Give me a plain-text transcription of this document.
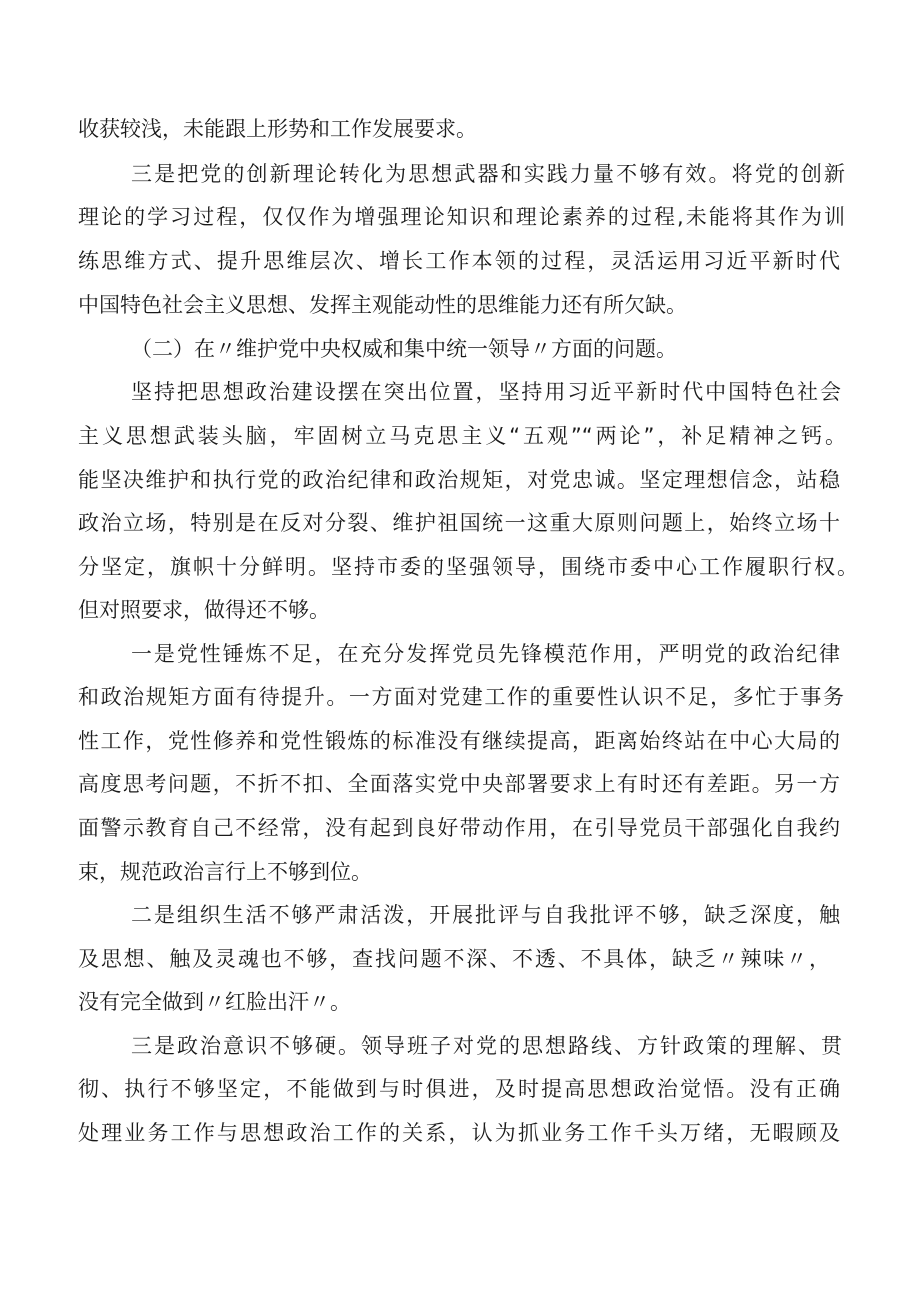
收获较浅，未能跟上形势和工作发展要求。
三是把党的创新理论转化为思想武器和实践力量不够有效。将党的创新
理论的学习过程，仅仅作为增强理论知识和理论素养的过程,未能将其作为训
练思维方式、提升思维层次、增长工作本领的过程，灵活运用习近平新时代
中国特色社会主义思想、发挥主观能动性的思维能力还有所欠缺。
（二）在〃维护党中央权威和集中统一领导〃方面的问题。
坚持把思想政治建设摆在突出位置，坚持用习近平新时代中国特色社会
主义思想武装头脑，牢固树立马克思主义“五观”“两论”，补足精神之钙。
能坚决维护和执行党的政治纪律和政治规矩，对党忠诚。坚定理想信念，站稳
政治立场，特别是在反对分裂、维护祖国统一这重大原则问题上，始终立场十
分坚定，旗帜十分鲜明。坚持市委的坚强领导，围绕市委中心工作履职行权。
但对照要求，做得还不够。
一是党性锤炼不足，在充分发挥党员先锋模范作用，严明党的政治纪律
和政治规矩方面有待提升。一方面对党建工作的重要性认识不足，多忙于事务
性工作，党性修养和党性锻炼的标准没有继续提高，距离始终站在中心大局的
高度思考问题，不折不扣、全面落实党中央部署要求上有时还有差距。另一方
面警示教育自己不经常，没有起到良好带动作用，在引导党员干部强化自我约
束，规范政治言行上不够到位。
二是组织生活不够严肃活泼，开展批评与自我批评不够，缺乏深度，触
及思想、触及灵魂也不够，查找问题不深、不透、不具体，缺乏〃辣味〃，
没有完全做到〃红脸出汗〃。
三是政治意识不够硬。领导班子对党的思想路线、方针政策的理解、贯
彻、执行不够坚定，不能做到与时俱进，及时提高思想政治觉悟。没有正确
处理业务工作与思想政治工作的关系，认为抓业务工作千头万绪，无暇顾及
